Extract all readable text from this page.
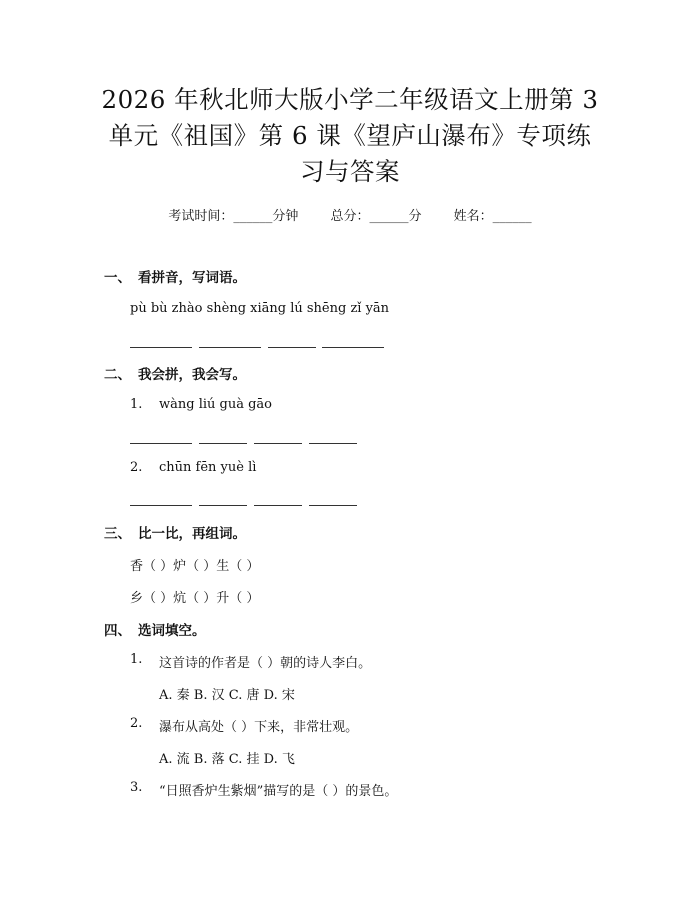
2026 年秋北师大版小学二年级语文上册第 3
单元《祖国》第 6 课《望庐山瀑布》专项练
习与答案
考试时间：______分钟 总分：______分 姓名：______
一、 看拼音，写词语。
pù bù zhào shèng xiāng lú shēng zǐ yān
二、 我会拼，我会写。
1. wàng liú guà gāo
2. chūn fēn yuè lì
三、 比一比，再组词。
香（ ）炉（ ）生（ ）
乡（ ）炕（ ）升（ ）
四、 选词填空。
1. 这首诗的作者是（ ）朝的诗人李白。
A. 秦 B. 汉 C. 唐 D. 宋
2. 瀑布从高处（ ）下来，非常壮观。
A. 流 B. 落 C. 挂 D. 飞
3. “日照香炉生紫烟”描写的是（ ）的景色。
